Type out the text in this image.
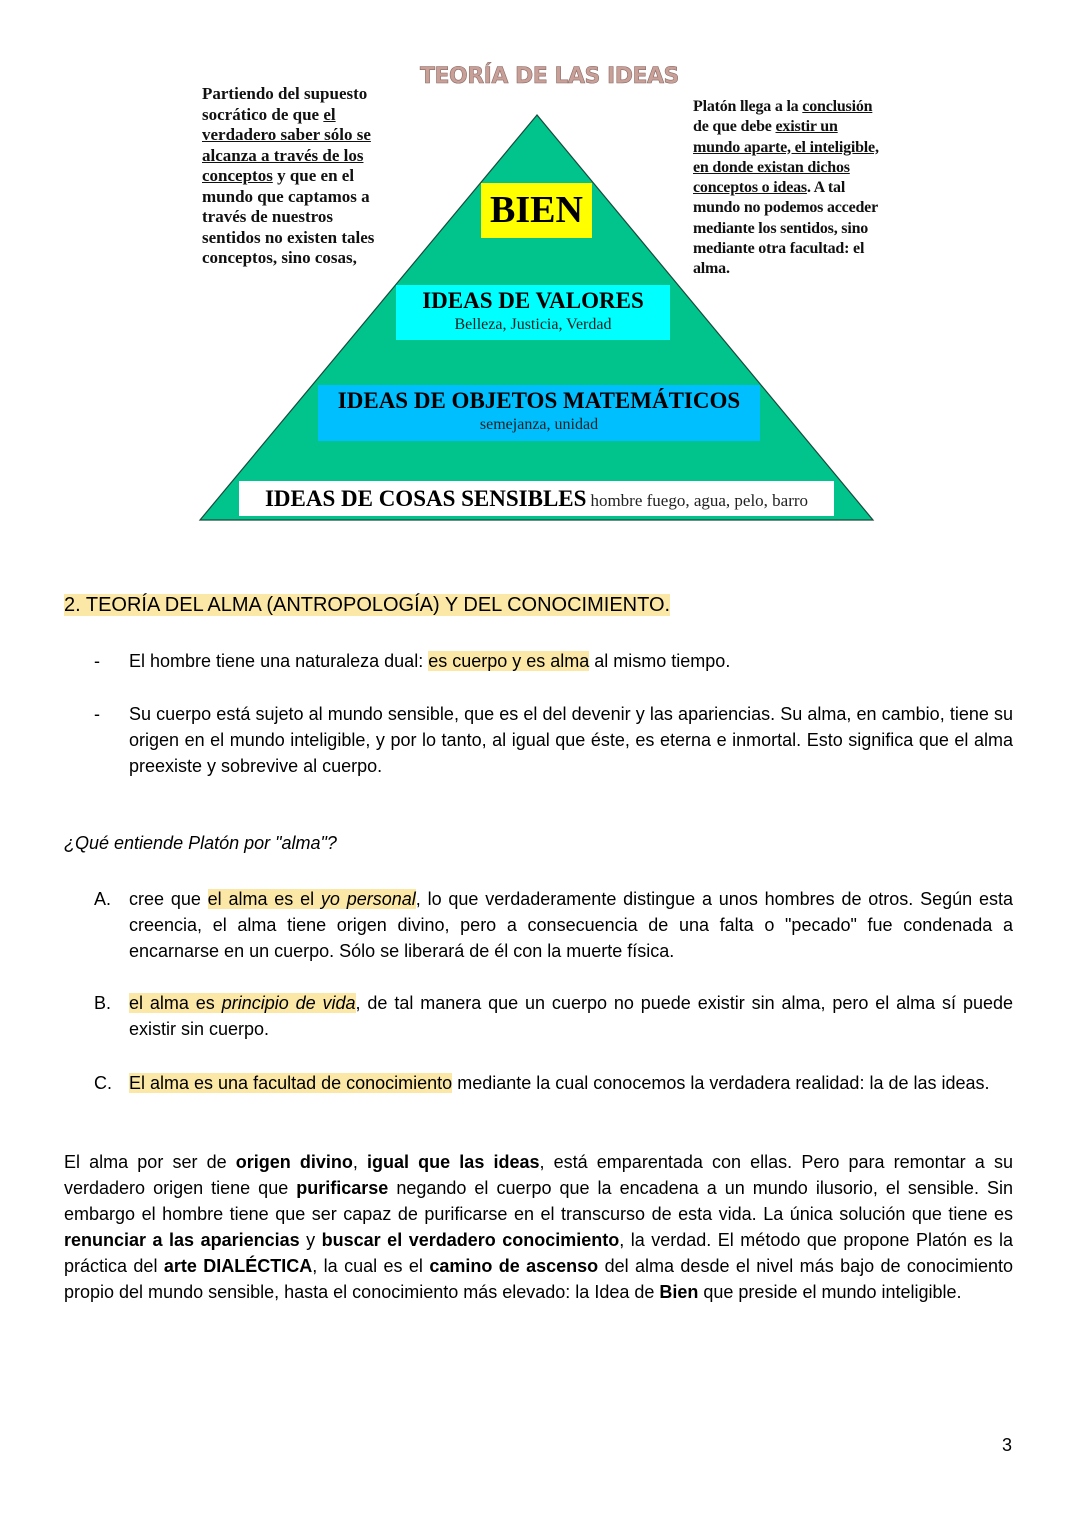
TEORÍA DE LAS IDEAS
Partiendo del supuesto socrático de que el verdadero saber sólo se alcanza a través de los conceptos y que en el mundo que captamos a través de nuestros sentidos no existen tales conceptos, sino cosas,
Platón llega a la conclusión de que debe existir un mundo aparte, el inteligible, en donde existan dichos conceptos o ideas. A tal mundo no podemos acceder mediante los sentidos, sino mediante otra facultad: el alma.
BIEN
IDEAS DE VALORES
Belleza, Justicia, Verdad
IDEAS DE OBJETOS MATEMÁTICOS
semejanza, unidad
IDEAS DE COSAS SENSIBLES hombre fuego, agua, pelo, barro
2. TEORÍA DEL ALMA (ANTROPOLOGÍA) Y DEL CONOCIMIENTO.
- El hombre tiene una naturaleza dual: es cuerpo y es alma al mismo tiempo.
- Su cuerpo está sujeto al mundo sensible, que es el del devenir y las apariencias. Su alma, en cambio, tiene su origen en el mundo inteligible, y por lo tanto, al igual que éste, es eterna e inmortal. Esto significa que el alma preexiste y sobrevive al cuerpo.
¿Qué entiende Platón por "alma"?
A. cree que el alma es el yo personal, lo que verdaderamente distingue a unos hombres de otros. Según esta creencia, el alma tiene origen divino, pero a consecuencia de una falta o "pecado" fue condenada a encarnarse en un cuerpo. Sólo se liberará de él con la muerte física.
B. el alma es principio de vida, de tal manera que un cuerpo no puede existir sin alma, pero el alma sí puede existir sin cuerpo.
C. El alma es una facultad de conocimiento mediante la cual conocemos la verdadera realidad: la de las ideas.
El alma por ser de origen divino, igual que las ideas, está emparentada con ellas. Pero para remontar a su verdadero origen tiene que purificarse negando el cuerpo que la encadena a un mundo ilusorio, el sensible. Sin embargo el hombre tiene que ser capaz de purificarse en el transcurso de esta vida. La única solución que tiene es renunciar a las apariencias y buscar el verdadero conocimiento, la verdad. El método que propone Platón es la práctica del arte DIALÉCTICA, la cual es el camino de ascenso del alma desde el nivel más bajo de conocimiento propio del mundo sensible, hasta el conocimiento más elevado: la Idea de Bien que preside el mundo inteligible.
3
